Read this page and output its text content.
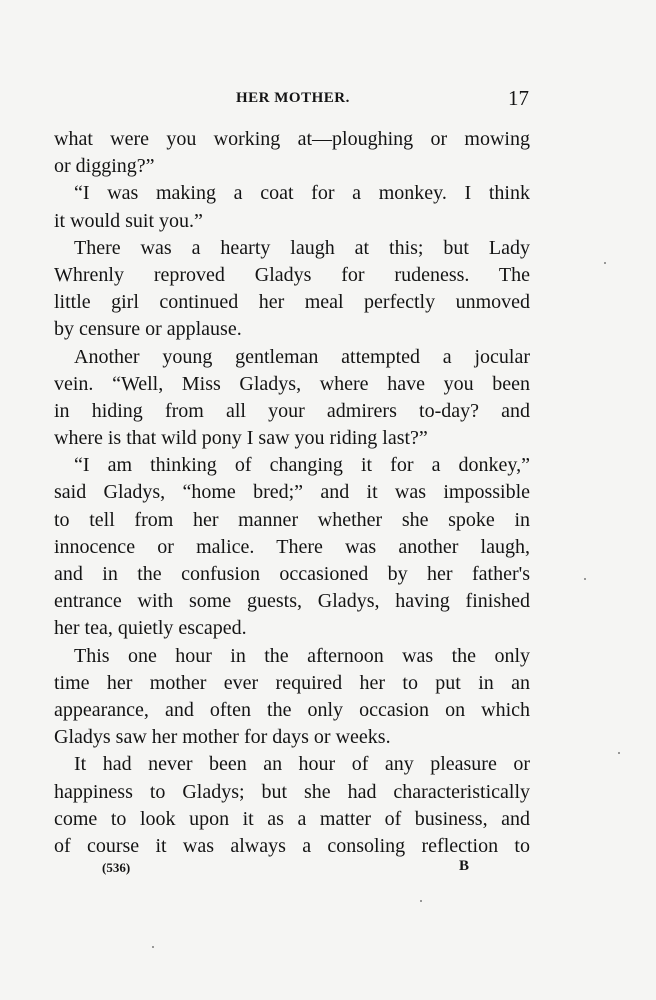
HER MOTHER.	17
what were you working at—ploughing or mowing
or digging?”
“I was making a coat for a monkey. I think
it would suit you.”
There was a hearty laugh at this; but Lady
Whrenly reproved Gladys for rudeness. The
little girl continued her meal perfectly unmoved
by censure or applause.
Another young gentleman attempted a jocular
vein. “Well, Miss Gladys, where have you been
in hiding from all your admirers to-day? and
where is that wild pony I saw you riding last?”
“I am thinking of changing it for a donkey,”
said Gladys, “home bred;” and it was impossible
to tell from her manner whether she spoke in
innocence or malice. There was another laugh,
and in the confusion occasioned by her father's
entrance with some guests, Gladys, having finished
her tea, quietly escaped.
This one hour in the afternoon was the only
time her mother ever required her to put in an
appearance, and often the only occasion on which
Gladys saw her mother for days or weeks.
It had never been an hour of any pleasure or
happiness to Gladys; but she had characteristically
come to look upon it as a matter of business, and
of course it was always a consoling reflection to
(536)	B
